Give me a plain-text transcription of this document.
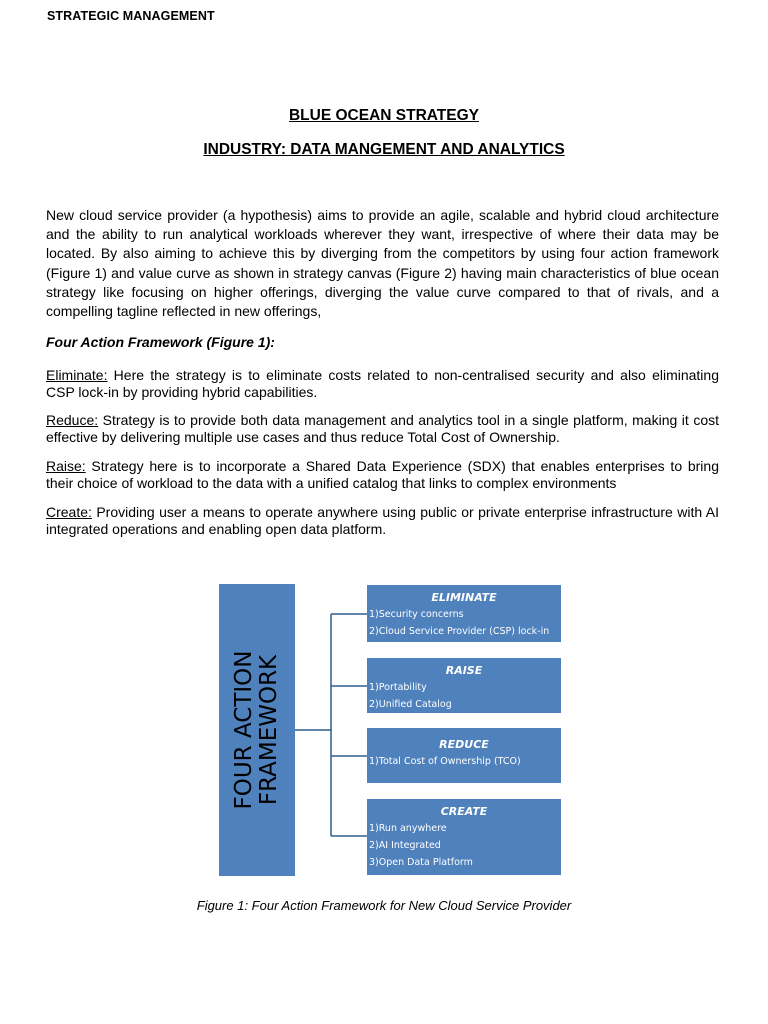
STRATEGIC MANAGEMENT
BLUE OCEAN STRATEGY
INDUSTRY: DATA MANGEMENT AND ANALYTICS
New cloud service provider (a hypothesis) aims to provide an agile, scalable and hybrid cloud architecture and the ability to run analytical workloads wherever they want, irrespective of where their data may be located. By also aiming to achieve this by diverging from the competitors by using four action framework (Figure 1) and value curve as shown in strategy canvas (Figure 2) having main characteristics of blue ocean strategy like focusing on higher offerings, diverging the value curve compared to that of rivals, and a compelling tagline reflected in new offerings,
Four Action Framework (Figure 1):
Eliminate: Here the strategy is to eliminate costs related to non-centralised security and also eliminating CSP lock-in by providing hybrid capabilities.
Reduce: Strategy is to provide both data management and analytics tool in a single platform, making it cost effective by delivering multiple use cases and thus reduce Total Cost of Ownership.
Raise: Strategy here is to incorporate a Shared Data Experience (SDX) that enables enterprises to bring their choice of workload to the data with a unified catalog that links to complex environments
Create: Providing user a means to operate anywhere using public or private enterprise infrastructure with AI integrated operations and enabling open data platform.
FOUR ACTION FRAMEWORK
ELIMINATE
1)Security concerns
2)Cloud Service Provider (CSP) lock-in
RAISE
1)Portability
2)Unified Catalog
REDUCE
1)Total Cost of Ownership (TCO)
CREATE
1)Run anywhere
2)AI Integrated
3)Open Data Platform
Figure 1: Four Action Framework for New Cloud Service Provider
